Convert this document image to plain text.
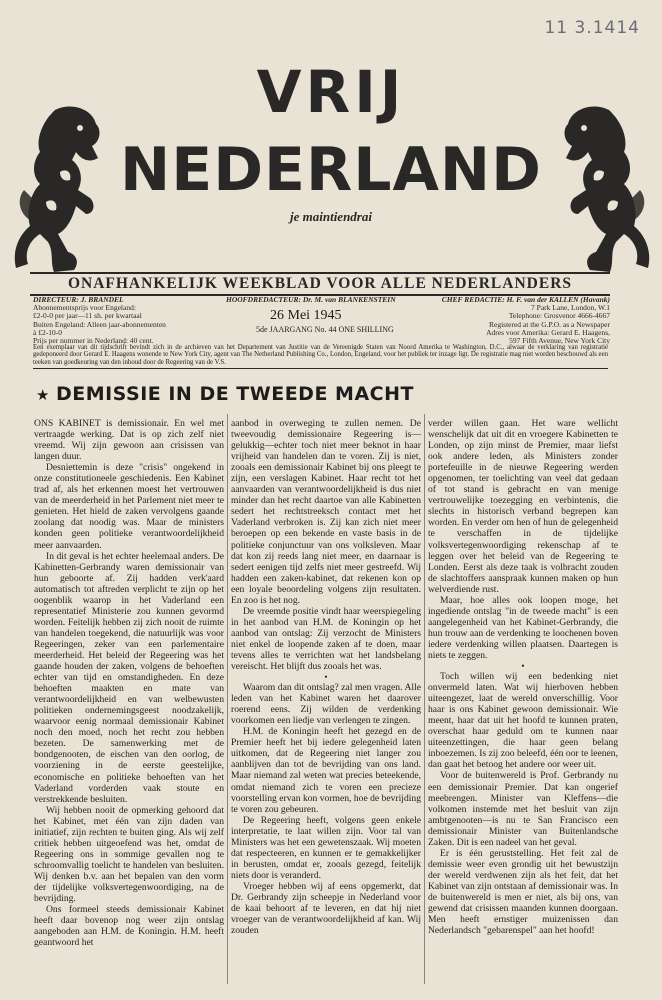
11 3.1414
VRIJ
NEDERLAND
je maintiendrai
ONAFHANKELIJK WEEKBLAD VOOR ALLE NEDERLANDERS
DIRECTEUR: J. BRANDEL
Abonnementsprijs voor Engeland:
£2-0-0 per jaar—11 sh. per kwartaal
Buiten Engeland: Alleen jaar-abonnementen
à £2-10-0
Prijs per nummer in Nederland: 40 cent.
HOOFDREDACTEUR: Dr. M. van BLANKENSTEIN	CHEF REDACTIE: H. F. van der KALLEN (Havank)
7 Park Lane, London, W.1
Telephone: Grosvenor 4666-4667
Registered at the G.P.O. as a Newspaper
Adres voor Amerika: Gerard E. Haagens,
597 Fifth Avenue, New York City
26 Mei 1945
5de JAARGANG No. 44 ONE SHILLING
Een exemplaar van dit tijdschrift bevindt zich in de archieven van het Departement van Justitie van de Vereenigde Staten van Noord Amerika te Washington, D.C., alwaar de verklaring van registratie gedeponeerd door Gerard E. Haagens wonende te New York City, agent van The Netherland Publishing Co., London, Engeland, voor het publiek ter inzage ligt. De registratie mag niet worden beschouwd als een teeken van goedkeuring van den inhoud door de Regeering van de V.S.
★ DEMISSIE IN DE TWEEDE MACHT

ONS KABINET is demissionair. En wel met vertraagde werking. Dat is op zich zelf niet vreemd. Wij zijn gewoon aan crisissen van langen duur.

Desniettemin is deze "crisis" ongekend in onze constitutioneele geschiedenis. Een Kabinet trad af, als het erkennen moest het vertrouwen van de meerderheid in het Parlement niet meer te genieten. Het hield de zaken vervolgens gaande zoolang dat noodig was. Maar de ministers konden geen politieke verantwoordelijkheid meer aanvaarden.

In dit geval is het echter heelemaal anders. De Kabinetten-Gerbrandy waren demissionair van hun geboorte af. Zij hadden verk'aard automatisch tot aftreden verplicht te zijn op het oogenblik waarop in het Vaderland een representatief Ministerie zou kunnen gevormd worden. Feitelijk hebben zij zich nooit de ruimte van handelen toegekend, die natuurlijk was voor Regeeringen, zeker van een parlementaire meerderheid. Het beleid der Regeering was het gaande houden der zaken, volgens de behoeften echter van tijd en omstandigheden. En deze behoeften maakten en mate van verantwoordelijkheid en van welbewusten politieken ondernemingsgeest noodzakelijk, waarvoor eenig normaal demissionair Kabinet noch den moed, noch het recht zou hebben bezeten. De samenwerking met de bondgenooten, de eischen van den oorlog, de voorziening in de eerste geestelijke, economische en politieke behoeften van het Vaderland vorderden vaak stoute en verstrekkende besluiten.

Wij hebben nooit de opmerking gehoord dat het Kabinet, met één van zijn daden van initiatief, zijn rechten te buiten ging. Als wij zelf critiek hebben uitgeoefend was het, omdat de Regeering ons in sommige gevallen nog te schroomvallig toelicht te handelen van besluiten. Wij denken b.v. aan het bepalen van den vorm der tijdelijke volksvertegenwoordiging, na de bevrijding.

Ons formeel steeds demissionair Kabinet heeft daar bovenop nog weer zijn ontslag aangeboden aan H.M. de Koningin. H.M. heeft geantwoord het

aanbod in overweging te zullen nemen. De tweevoudig demissionaire Regeering is—gelukkig—echter toch niet meer beknot in haar vrijheid van handelen dan te voren. Zij is niet, zooals een demissionair Kabinet bij ons pleegt te zijn, een verslagen Kabinet. Haar recht tot het aanvaarden van verantwoordelijkheid is dus niet minder dan het recht daartoe van alle Kabinetten sedert het rechtstreeksch contact met het Vaderland verbroken is. Zij kan zich niet meer beroepen op een bekende en vaste basis in de politieke conjunctuur van ons volksleven. Maar dat kon zij reeds lang niet meer, en daarnaar is sedert eenigen tijd zelfs niet meer gestreefd. Wij hadden een zaken-kabinet, dat rekenen kon op een loyale beoordeling volgens zijn resultaten. En zoo is het nog.

De vreemde positie vindt haar weerspiegeling in het aanbod van H.M. de Koningin op het aanbod van ontslag: Zij verzocht de Ministers niet enkel de loopende zaken af te doen, maar tevens alles te verrichten wat het landsbelang vereischt. Het blijft dus zooals het was.

•

Waarom dan dit ontslag? zal men vragen. Alle leden van het Kabinet waren het daarover roerend eens. Zij wilden de verdenking voorkomen een liedje van verlengen te zingen.

H.M. de Koningin heeft het gezegd en de Premier heeft het bij iedere gelegenheid laten uitkomen, dat de Regeering niet langer zou aanblijven dan tot de bevrijding van ons land. Maar niemand zal weten wat precies beteekende, omdat niemand zich te voren een precieze voorstelling ervan kon vormen, hoe de bevrijding te voren zou gebeuren.

De Regeering heeft, volgens geen enkele interpretatie, te laat willen zijn. Voor tal van Ministers was het een gewetenszaak. Wij moeten dat respecteeren, en kunnen er te gemakkelijker in berusten, omdat er, zooals gezegd, feitelijk niets door is veranderd.

Vroeger hebben wij af eens opgemerkt, dat Dr. Gerbrandy zijn scheepje in Nederland voor de kaai behoort af te leveren, en dat hij niet vroeger van de verantwoordelijkheid af kan. Wij zouden

verder willen gaan. Het ware wellicht wenschelijk dat uit dit en vroegere Kabinetten te Londen, op zijn minst de Premier, maar liefst ook andere leden, als Ministers zonder portefeuille in de nieuwe Regeering werden opgenomen, ter toelichting van veel dat gedaan of tot stand is gebracht en van menige vertrouwelijke toezegging en verbintenis, die slechts in historisch verband begrepen kan worden. En verder om hen of hun de gelegenheid te verschaffen in de tijdelijke volksvertegenwoordiging rekenschap af te leggen over het beleid van de Regeering te Londen. Eerst als deze taak is volbracht zouden de slachtoffers aanspraak kunnen maken op hun welverdiende rust.

Maar, hoe alles ook loopen moge, het ingediende ontslag "in de tweede macht" is een aangelegenheid van het Kabinet-Gerbrandy, die hun trouw aan de verdenking te loochenen boven iedere verdenking willen plaatsen. Daartegen is niets te zeggen.

•

Toch willen wij een bedenking niet onvermeld laten. Wat wij hierboven hebben uiteengezet, laat de wereld onverschillig. Voor haar is ons Kabinet gewoon demissionair. Wie meent, haar dat uit het hoofd te kunnen praten, overschat haar geduld om te kunnen naar uiteenzettingen, die haar geen belang inboezemen. Is zij zoo beleefd, één oor te leenen, dan gaat het betoog het andere oor weer uit.

Voor de buitenwereld is Prof. Gerbrandy nu een demissionair Premier. Dat kan ongerief meebrengen. Minister van Kleffens—die volkomen instemde met het besluit van zijn ambtgenooten—is nu te San Francisco een demissionair Minister van Buitenlandsche Zaken. Dit is een nadeel van het geval.

Er is één geruststelling. Het feit zal de demissie weer even grondig uit het bewustzijn der wereld verdwenen zijn als het feit, dat het Kabinet van zijn ontstaan af demissionair was. In de buitenwereld is men er niet, als bij ons, van gewend dat crisissen maanden kunnen doorgaan. Men heeft ernstiger muizenissen dan Nederlandsch "gebarenspel" aan het hoofd!
